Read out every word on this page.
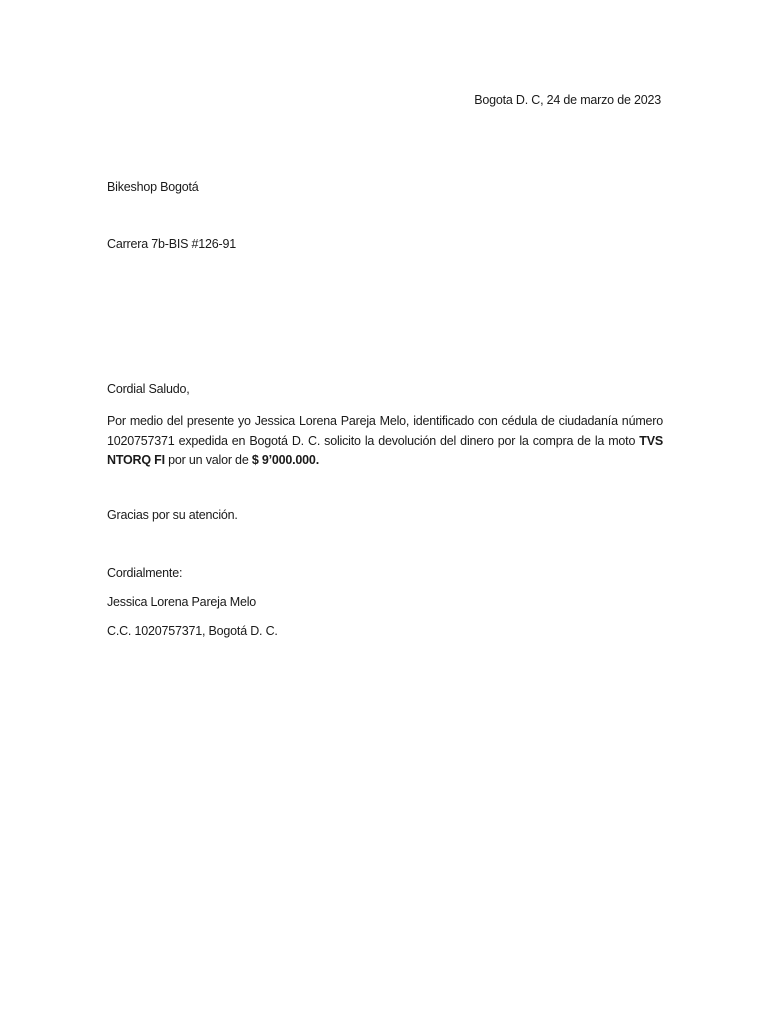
Bogota D. C, 24 de marzo de 2023
Bikeshop Bogotá
Carrera 7b-BIS #126-91
Cordial Saludo,
Por medio del presente yo Jessica Lorena Pareja Melo, identificado con cédula de ciudadanía número 1020757371 expedida en Bogotá D. C. solicito la devolución del dinero por la compra de la moto TVS NTORQ FI por un valor de $ 9’000.000.
Gracias por su atención.
Cordialmente:
Jessica Lorena Pareja Melo
C.C. 1020757371, Bogotá D. C.
